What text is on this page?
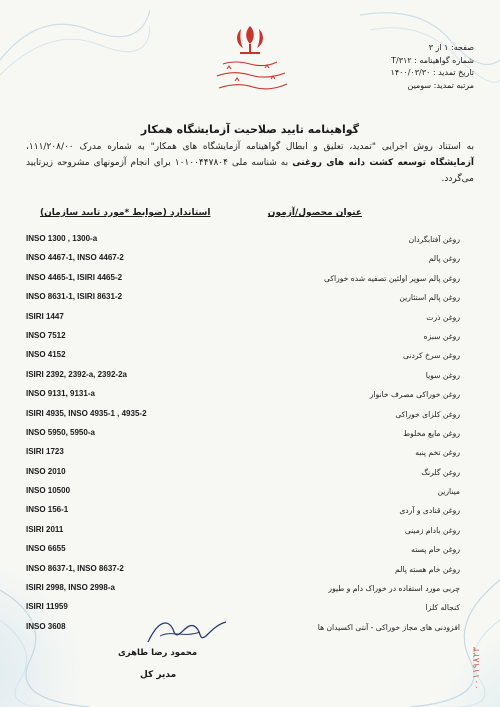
صفحه: ۱ از ۳
شماره گواهینامه : T/۳۱۲
تاریخ تمدید : ۱۴۰۰/۰۳/۳۰
مرتبه تمدید: سومین
گواهینامه تایید صلاحیت آزمایشگاه همکار
به استناد روش اجرایی "تمدید، تعلیق و ابطال گواهینامه آزمایشگاه های همکار" به شماره مدرک ۱۱۱/۲۰۸/۰۰، آزمایشگاه توسعه کشت دانه های روغنی به شناسه ملی ۱۰۱۰۰۴۴۷۸۰۴ برای انجام آزمونهای مشروحه زیرتایید می‌گردد.
استاندارد (ضوابط *مورد تایید سازمان)	عنوان محصول/آزمون
INSO 1300 , 1300-a	روغن آفتابگردان
INSO 4467-1, INSO 4467-2	روغن پالم
INSO 4465-1, ISIRI 4465-2	روغن پالم سوپر اولئین تصفیه شده خوراکی
INSO 8631-1, ISIRI 8631-2	روغن پالم استئارین
ISIRI 1447	روغن ذرت
INSO 7512	روغن سبزه
INSO 4152	روغن سرخ کردنی
ISIRI 2392, 2392-a, 2392-2a	روغن سویا
INSO 9131, 9131-a	روغن خوراکی مصرف خانوار
ISIRI 4935, INSO 4935-1 , 4935-2	روغن کلزای خوراکی
INSO 5950, 5950-a	روغن مایع مخلوط
ISIRI 1723	روغن تخم پنبه
INSO 2010	روغن گلرنگ
INSO 10500	مینارین
INSO 156-1	روغن قنادی و آردی
ISIRI 2011	روغن بادام زمینی
INSO 6655	روغن خام پسته
INSO 8637-1, INSO 8637-2	روغن خام هسته پالم
ISIRI 2998, INSO 2998-a	چربی مورد استفاده در خوراک دام و طیور
ISIRI 11959	کنجاله کلزا
INSO 3608	افزودنی های مجاز خوراکی - آنتی اکسیدان ها
محمود رضا طاهری
مدیر کل	۰۰۱۱۹۸۲۳
